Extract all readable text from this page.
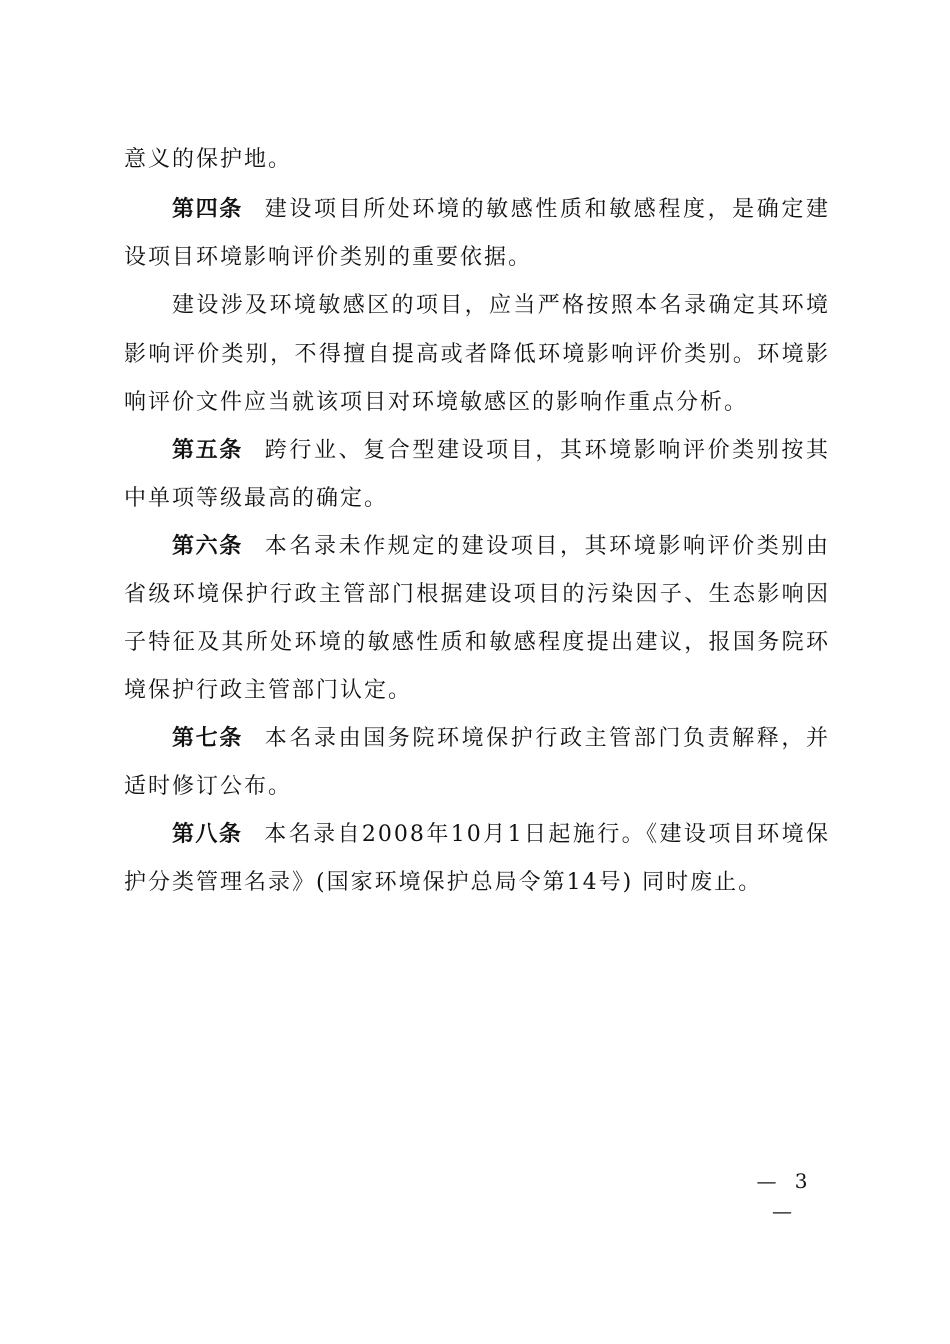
意义的保护地。
第四条 建设项目所处环境的敏感性质和敏感程度，是确定建
设项目环境影响评价类别的重要依据。
建设涉及环境敏感区的项目，应当严格按照本名录确定其环境
影响评价类别，不得擅自提高或者降低环境影响评价类别。环境影
响评价文件应当就该项目对环境敏感区的影响作重点分析。
第五条 跨行业、复合型建设项目，其环境影响评价类别按其
中单项等级最高的确定。
第六条 本名录未作规定的建设项目，其环境影响评价类别由
省级环境保护行政主管部门根据建设项目的污染因子、生态影响因
子特征及其所处环境的敏感性质和敏感程度提出建议，报国务院环
境保护行政主管部门认定。
第七条 本名录由国务院环境保护行政主管部门负责解释，并
适时修订公布。
第八条 本名录自2008年10月1日起施行。《建设项目环境保
护分类管理名录》(国家环境保护总局令第14号) 同时废止。
— 3 —
